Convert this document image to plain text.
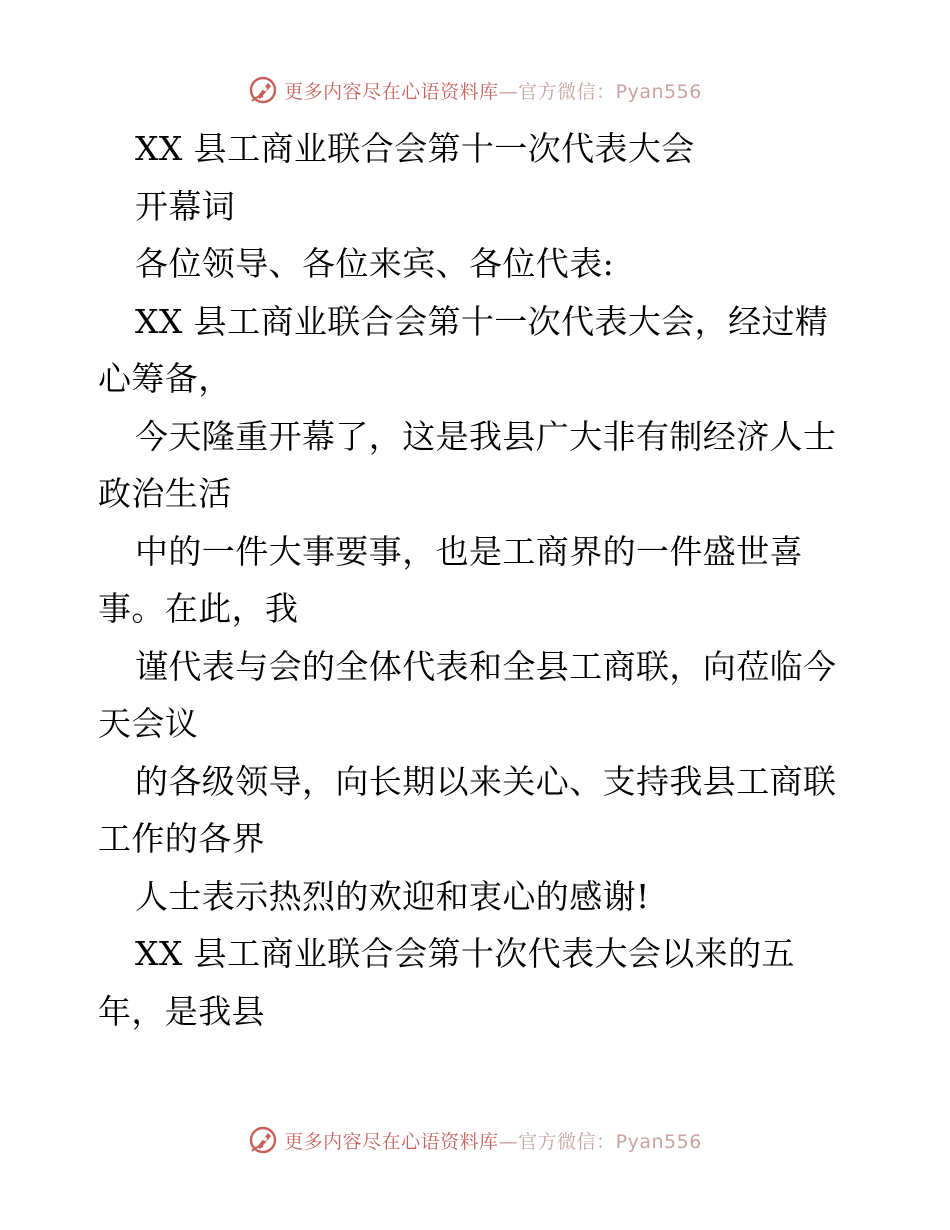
更多内容尽在心语资料库—官方微信：Pyan556
XX 县工商业联合会第十一次代表大会
开幕词
各位领导、各位来宾、各位代表:
XX 县工商业联合会第十一次代表大会，经过精
心筹备，
今天隆重开幕了，这是我县广大非有制经济人士
政治生活
中的一件大事要事，也是工商界的一件盛世喜
事。在此，我
谨代表与会的全体代表和全县工商联，向莅临今
天会议
的各级领导，向长期以来关心、支持我县工商联
工作的各界
人士表示热烈的欢迎和衷心的感谢!
XX 县工商业联合会第十次代表大会以来的五
年，是我县
更多内容尽在心语资料库—官方微信：Pyan556
